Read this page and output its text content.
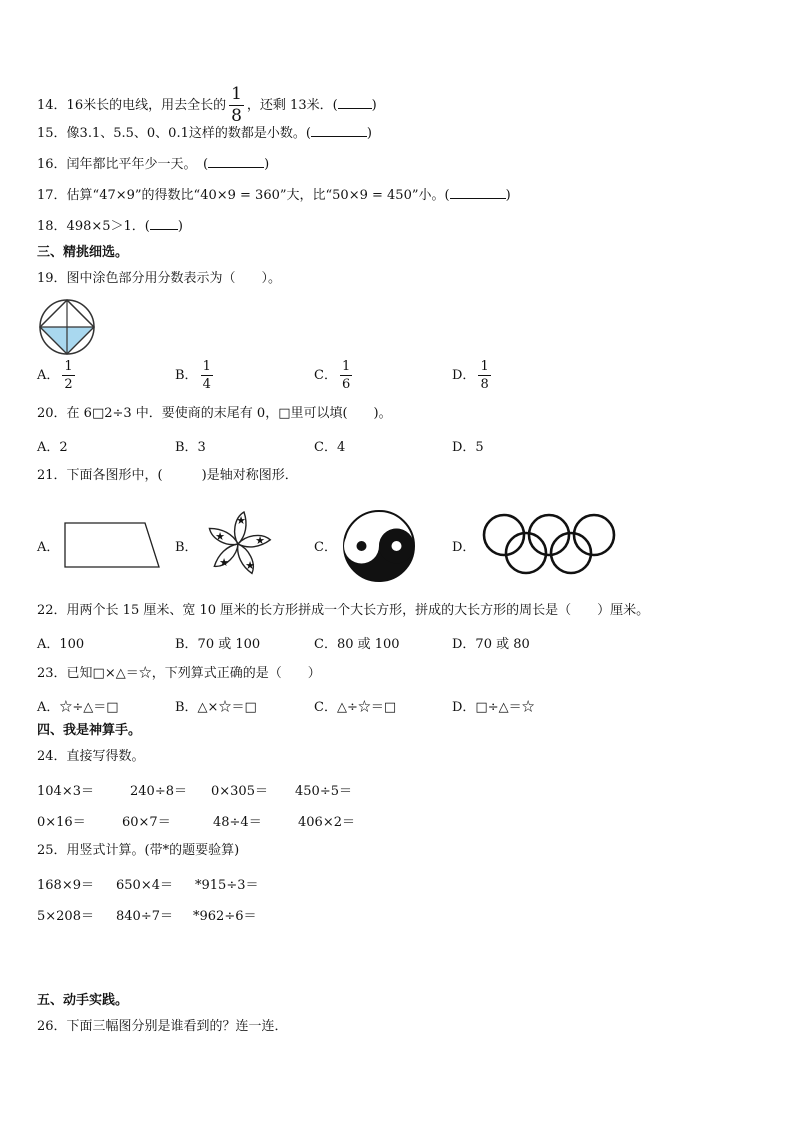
14．16米长的电线，用去全长的 $\frac{1}{8}$ ，还剩 13米．(	)
15．像3.1、5.5、0、0.1这样的数都是小数。(	)
16．闰年都比平年少一天。　(	)
17．估算“47×9”的得数比“40×9 = 360”大，比“50×9 = 450”小。(	)
18．498×5＞1．( )
三、精挑细选。
19．图中涂色部分用分数表示为（　　）。
A． $\frac{1}{2}$	B． $\frac{1}{4}$	C． $\frac{1}{6}$	D． $\frac{1}{8}$
20．在 6□2÷3 中．要使商的末尾有 0，□里可以填(　　)。
A．2	B．3	C．4	D．5
21．下面各图形中，(　　　)是轴对称图形．
A．	B．
★
★
★
★
★
C．	D．
22．用两个长 15 厘米、宽 10 厘米的长方形拼成一个大长方形，拼成的大长方形的周长是（　　）厘米。
A．100	B．70 或 100	C．80 或 100	D．70 或 80
23．已知□×△＝☆，下列算式正确的是（　　）
A．☆÷△＝□	B．△×☆＝□	C．△÷☆＝□	D．□÷△＝☆
四、我是神算手。
24．直接写得数。
104×3＝	240÷8＝ 0×305＝ 450÷5＝
0×16＝	60×7＝	48÷4＝	406×2＝
25．用竖式计算。(带*的题要验算)
168×9＝ 650×4＝ *915÷3＝
5×208＝ 840÷7＝ *962÷6＝
五、动手实践。
26．下面三幅图分别是谁看到的？连一连．
